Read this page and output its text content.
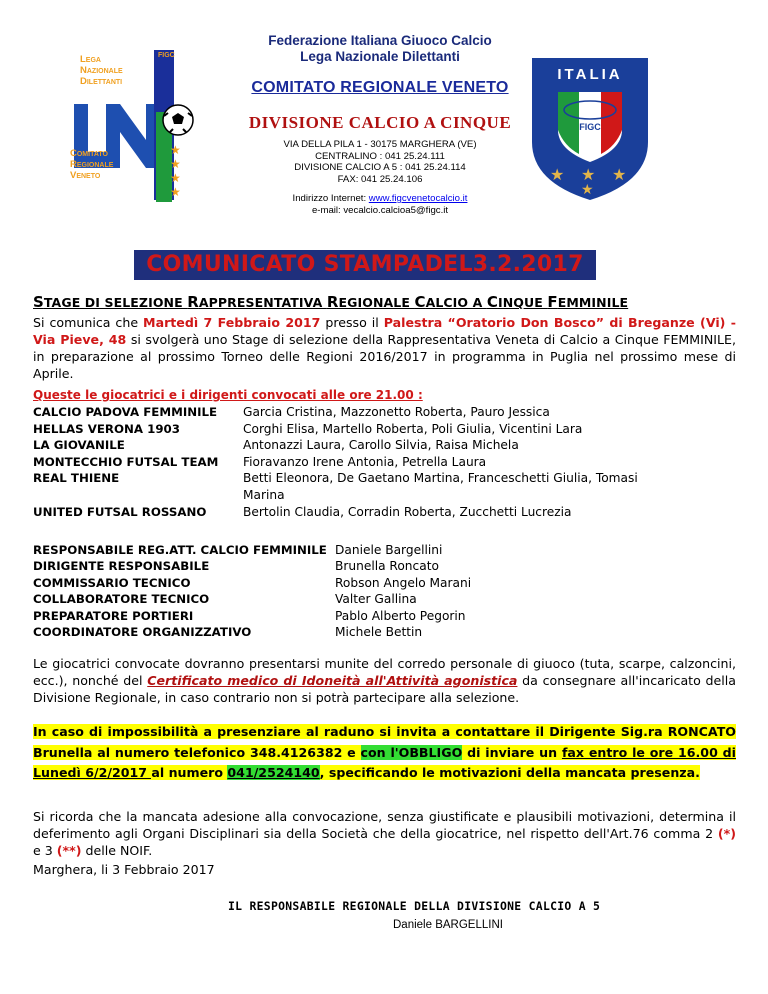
★
★
★
★
Lega
Nazionale
Dilettanti
Comitato
Regionale
Veneto
FIGC
Federazione Italiana Giuoco Calcio
Lega Nazionale Dilettanti
COMITATO REGIONALE VENETO
DIVISIONE CALCIO A CINQUE
VIA DELLA PILA 1 - 30175 MARGHERA (VE)
CENTRALINO : 041 25.24.111
DIVISIONE CALCIO A 5 : 041 25.24.114
FAX: 041 25.24.106
Indirizzo Internet: www.figcvenetocalcio.it
e-mail: vecalcio.calcioa5@figc.it
ITALIA
FIGC
★ ★ ★
★
COMUNICATO STAMPADEL3.2.2017
STAGE DI SELEZIONE RAPPRESENTATIVA REGIONALE CALCIO A CINQUE FEMMINILE
Si comunica che Martedì 7 Febbraio 2017 presso il Palestra “Oratorio Don Bosco” di Breganze (Vi) - Via Pieve, 48 si svolgerà uno Stage di selezione della Rappresentativa Veneta di Calcio a Cinque FEMMINILE, in preparazione al prossimo Torneo delle Regioni 2016/2017 in programma in Puglia nel prossimo mese di Aprile.
Queste le giocatrici e i dirigenti convocati alle ore 21.00 :
CALCIO PADOVA FEMMINILE	Garcia Cristina, Mazzonetto Roberta, Pauro Jessica
HELLAS VERONA 1903	Corghi Elisa, Martello Roberta, Poli Giulia, Vicentini Lara
LA GIOVANILE	Antonazzi Laura, Carollo Silvia, Raisa Michela
MONTECCHIO FUTSAL TEAM	Fioravanzo Irene Antonia, Petrella Laura
REAL THIENE	Betti Eleonora, De Gaetano Martina, Franceschetti Giulia, Tomasi Marina
UNITED FUTSAL ROSSANO	Bertolin Claudia, Corradin Roberta, Zucchetti Lucrezia
RESPONSABILE REG.ATT. CALCIO FEMMINILE	Daniele Bargellini
DIRIGENTE RESPONSABILE	Brunella Roncato
COMMISSARIO TECNICO	Robson Angelo Marani
COLLABORATORE TECNICO	Valter Gallina
PREPARATORE PORTIERI	Pablo Alberto Pegorin
COORDINATORE ORGANIZZATIVO	Michele Bettin
Le giocatrici convocate dovranno presentarsi munite del corredo personale di giuoco (tuta, scarpe, calzoncini, ecc.), nonché del Certificato medico di Idoneità all'Attività agonistica da consegnare all'incaricato della Divisione Regionale, in caso contrario non si potrà partecipare alla selezione.
In caso di impossibilità a presenziare al raduno si invita a contattare il Dirigente Sig.ra RONCATO Brunella al numero telefonico 348.4126382 e con l'OBBLIGO di inviare un fax entro le ore 16.00 di Lunedì 6/2/2017 al numero 041/2524140, specificando le motivazioni della mancata presenza.
Si ricorda che la mancata adesione alla convocazione, senza giustificate e plausibili motivazioni, determina il deferimento agli Organi Disciplinari sia della Società che della giocatrice, nel rispetto dell'Art.76 comma 2 (*) e 3 (**) delle NOIF.
Marghera, li 3 Febbraio 2017
IL RESPONSABILE REGIONALE DELLA DIVISIONE CALCIO A 5
Daniele BARGELLINI
